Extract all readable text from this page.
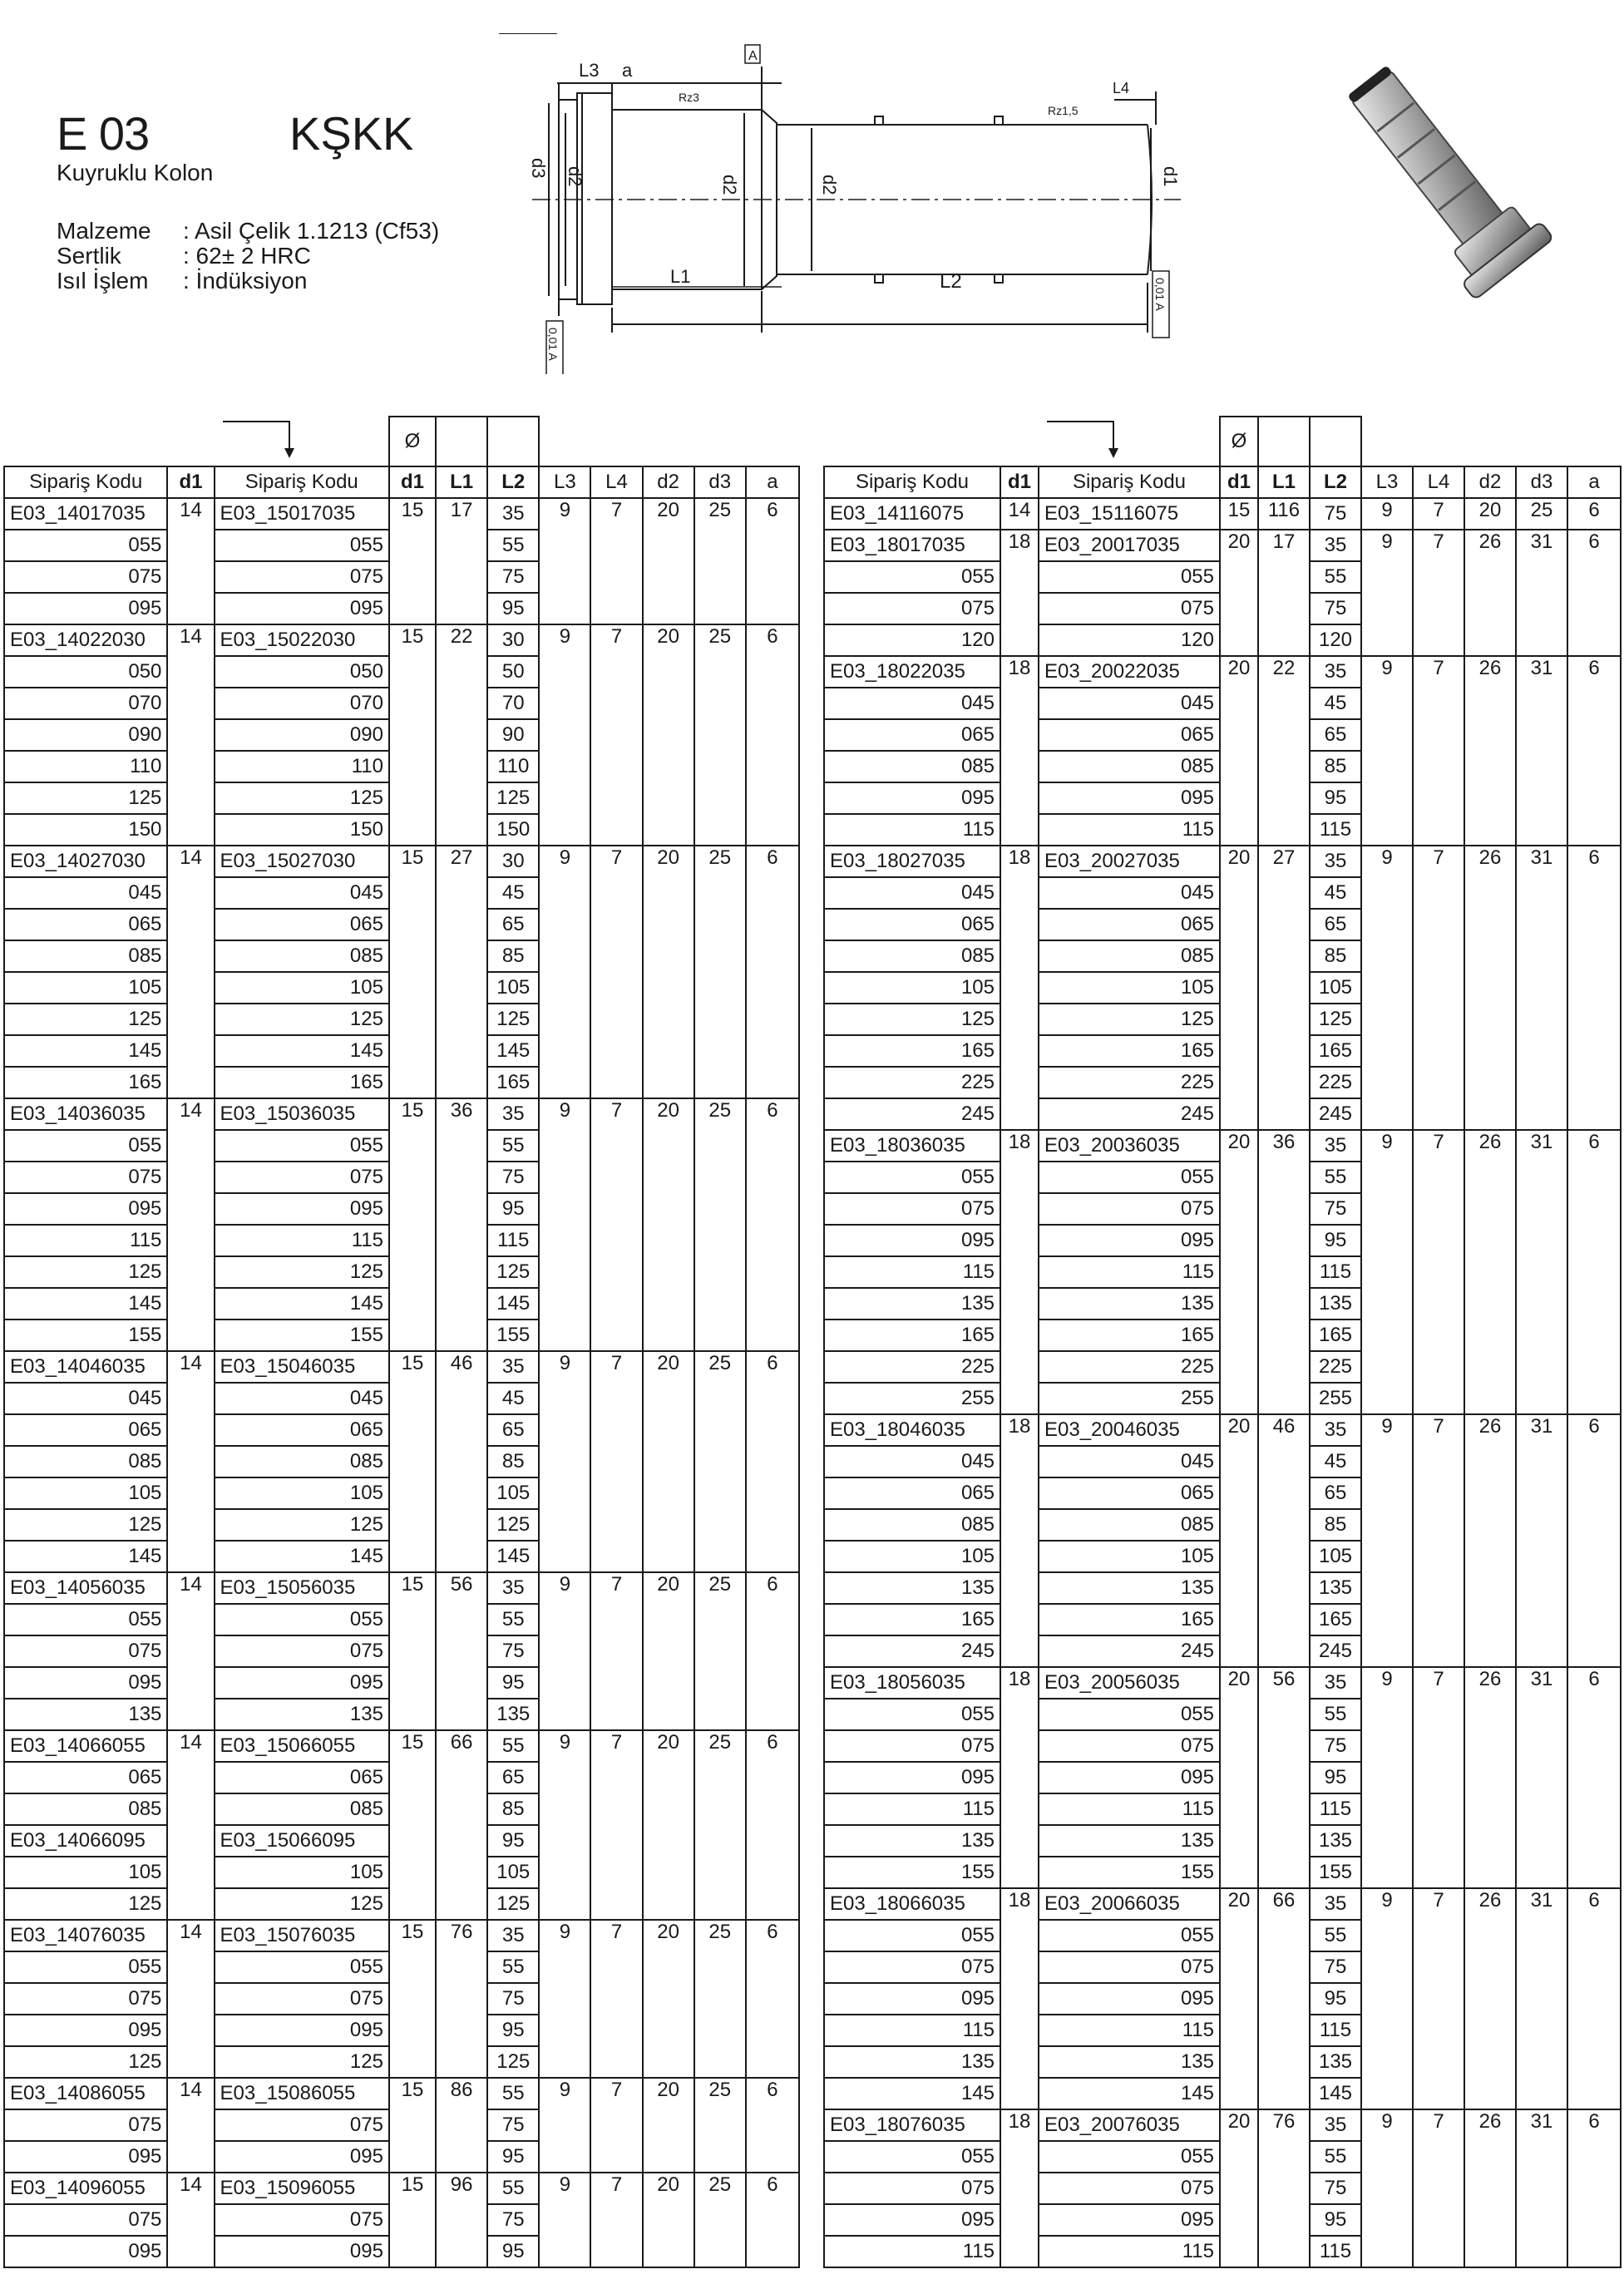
E 03	KŞKK
Kuyruklu Kolon
Malzeme : Asil Çelik 1.1213 (Cf53)
Sertlik	: 62± 2 HRC
Isıl İşlem : İndüksiyon
L3 a
A
Rz3
Rz1,5
L4
L1	L2
d3 d2	d2	d2	d1
0,01 A
0,01 A
			Ø							
Sipariş Kodu	d1	Sipariş Kodu	d1	L1	L2	L3	L4	d2	d3	a
E03_14017035	14	E03_15017035	15	17	35	9	7	20	25	6
055		055			55					
075		075			75					
095		095			95					
E03_14022030	14	E03_15022030	15	22	30	9	7	20	25	6
050		050			50					
070		070			70					
090		090			90					
110		110			110					
125		125			125					
150		150			150					
E03_14027030	14	E03_15027030	15	27	30	9	7	20	25	6
045		045			45					
065		065			65					
085		085			85					
105		105			105					
125		125			125					
145		145			145					
165		165			165					
E03_14036035	14	E03_15036035	15	36	35	9	7	20	25	6
055		055			55					
075		075			75					
095		095			95					
115		115			115					
125		125			125					
145		145			145					
155		155			155					
E03_14046035	14	E03_15046035	15	46	35	9	7	20	25	6
045		045			45					
065		065			65					
085		085			85					
105		105			105					
125		125			125					
145		145			145					
E03_14056035	14	E03_15056035	15	56	35	9	7	20	25	6
055		055			55					
075		075			75					
095		095			95					
135		135			135					
E03_14066055	14	E03_15066055	15	66	55	9	7	20	25	6
065		065			65					
085		085			85					
E03_14066095		E03_15066095			95					
105		105			105					
125		125			125					
E03_14076035	14	E03_15076035	15	76	35	9	7	20	25	6
055		055			55					
075		075			75					
095		095			95					
125		125			125					
E03_14086055	14	E03_15086055	15	86	55	9	7	20	25	6
075		075			75					
095		095			95					
E03_14096055	14	E03_15096055	15	96	55	9	7	20	25	6
075		075			75					
095		095			95					
			Ø							
Sipariş Kodu	d1	Sipariş Kodu	d1	L1	L2	L3	L4	d2	d3	a
E03_14116075	14	E03_15116075	15	116	75	9	7	20	25	6
E03_18017035	18	E03_20017035	20	17	35	9	7	26	31	6
055		055			55					
075		075			75					
120		120			120					
E03_18022035	18	E03_20022035	20	22	35	9	7	26	31	6
045		045			45					
065		065			65					
085		085			85					
095		095			95					
115		115			115					
E03_18027035	18	E03_20027035	20	27	35	9	7	26	31	6
045		045			45					
065		065			65					
085		085			85					
105		105			105					
125		125			125					
165		165			165					
225		225			225					
245		245			245					
E03_18036035	18	E03_20036035	20	36	35	9	7	26	31	6
055		055			55					
075		075			75					
095		095			95					
115		115			115					
135		135			135					
165		165			165					
225		225			225					
255		255			255					
E03_18046035	18	E03_20046035	20	46	35	9	7	26	31	6
045		045			45					
065		065			65					
085		085			85					
105		105			105					
135		135			135					
165		165			165					
245		245			245					
E03_18056035	18	E03_20056035	20	56	35	9	7	26	31	6
055		055			55					
075		075			75					
095		095			95					
115		115			115					
135		135			135					
155		155			155					
E03_18066035	18	E03_20066035	20	66	35	9	7	26	31	6
055		055			55					
075		075			75					
095		095			95					
115		115			115					
135		135			135					
145		145			145					
E03_18076035	18	E03_20076035	20	76	35	9	7	26	31	6
055		055			55					
075		075			75					
095		095			95					
115		115			115					
